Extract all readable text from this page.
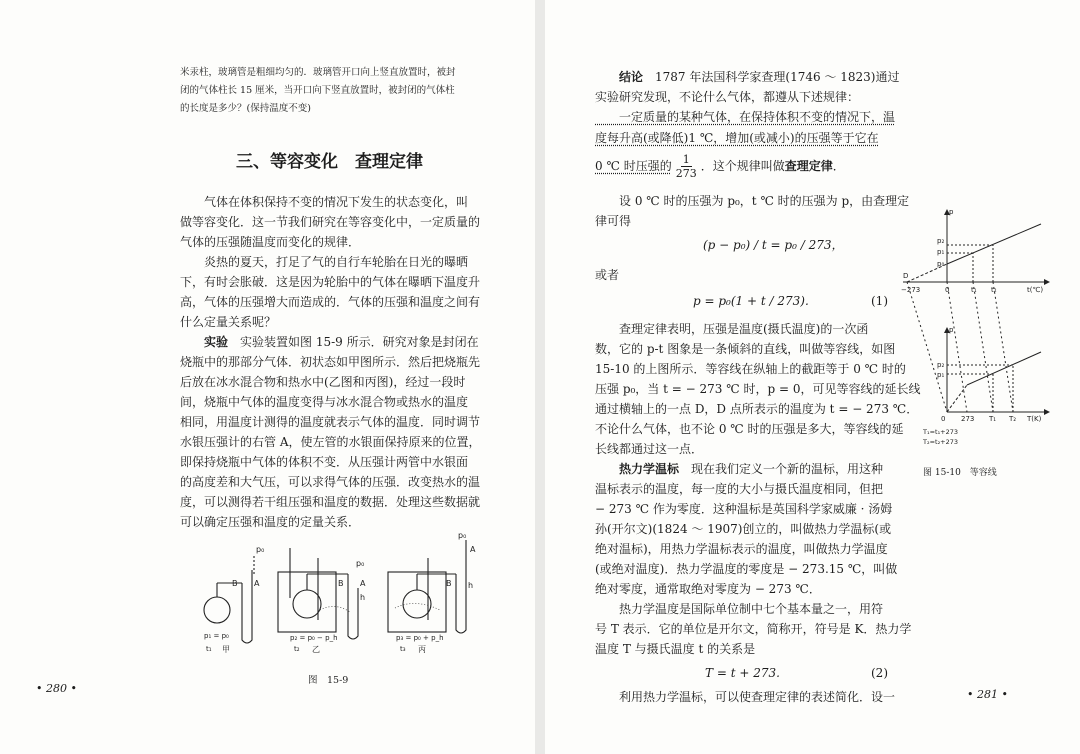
米汞柱，玻璃管是粗细均匀的．玻璃管开口向上竖直放置时，被封
闭的气体柱长 15 厘米，当开口向下竖直放置时，被封闭的气体柱
的长度是多少？(保持温度不变)
三、等容变化　查理定律
　　气体在体积保持不变的情况下发生的状态变化，叫
做等容变化．这一节我们研究在等容变化中，一定质量的
气体的压强随温度而变化的规律．
　　炎热的夏天，打足了气的自行车轮胎在日光的曝晒
下，有时会胀破．这是因为轮胎中的气体在曝晒下温度升
高，气体的压强增大而造成的．气体的压强和温度之间有
什么定量关系呢？
　　实验　实验装置如图 15-9 所示．研究对象是封闭在
烧瓶中的那部分气体．初状态如甲图所示．然后把烧瓶先
后放在冰水混合物和热水中(乙图和丙图)，经过一段时
间，烧瓶中气体的温度变得与冰水混合物或热水的温度
相同，用温度计测得的温度就表示气体的温度．同时调节
水银压强计的右管 A，使左管的水银面保持原来的位置，
即保持烧瓶中气体的体积不变．从压强计两管中水银面
的高度差和大气压，可以求得气体的压强．改变热水的温
度，可以测得若干组压强和温度的数据．处理这些数据就
可以确定压强和温度的定量关系．
p₀
A
B
p₀
A
B
h
p₀
A
B h
p₁ = p₀	p₂ = p₀ − p_h	p₃ = p₀ + p_h
t₁	t₂	t₃
甲	乙	丙
图　15-9
• 280 •
　　结论　1787 年法国科学家查理(1746 ～ 1823)通过
实验研究发现，不论什么气体，都遵从下述规律：
　　一定质量的某种气体，在保持体积不变的情况下，温
度每升高(或降低)1 ℃，增加(或减小)的压强等于它在
0 ℃ 时压强的 $\frac{1}{273}$ ．这个规律叫做查理定律．
　　设 0 ℃ 时的压强为 p₀，t ℃ 时的压强为 p，由查理定
律可得
(p − p₀) / t = p₀ / 273，
或者
p = p₀(1 + t / 273).	(1)
　　查理定律表明，压强是温度(摄氏温度)的一次函
数，它的 p-t 图象是一条倾斜的直线，叫做等容线，如图
15-10 的上图所示．等容线在纵轴上的截距等于 0 ℃ 时的
压强 p₀，当 t = − 273 ℃ 时，p = 0，可见等容线的延长线
通过横轴上的一点 D，D 点所表示的温度为 t = − 273 ℃．
不论什么气体，也不论 0 ℃ 时的压强是多大，等容线的延
长线都通过这一点．
　　热力学温标　现在我们定义一个新的温标，用这种
温标表示的温度，每一度的大小与摄氏温度相同，但把
− 273 ℃ 作为零度．这种温标是英国科学家威廉 · 汤姆
孙(开尔文)(1824 ～ 1907)创立的，叫做热力学温标(或
绝对温标)，用热力学温标表示的温度，叫做热力学温度
(或绝对温度)．热力学温度的零度是 − 273.15 ℃，叫做
绝对零度，通常取绝对零度为 − 273 ℃．
　　热力学温度是国际单位制中七个基本量之一，用符
号 T 表示．它的单位是开尔文，简称开，符号是 K．热力学
温度 T 与摄氏温度 t 的关系是
T = t + 273.	(2)
　　利用热力学温标，可以使查理定律的表述简化．设一
p
p₂
p₁
p₀
D
−273	0	t₁ t₂	t(℃)
p
p₂
p₁
0 273 T₁ T₂ T(K)
T₁=t₁+273
T₂=t₂+273
图 15-10　等容线
• 281 •
